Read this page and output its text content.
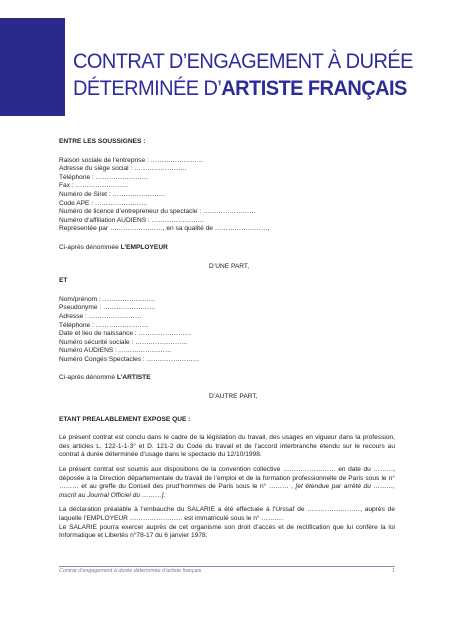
CONTRAT D’ENGAGEMENT À DURÉE
DÉTERMINÉE D’ARTISTE FRANÇAIS
ENTRE LES SOUSSIGNES :
Raison sociale de l’entreprise : ……………………
Adresse du siège social : ……………………
Téléphone : ……………………
Fax : ……………………
Numéro de Siret : ……………………
Code APE : ……………………
Numéro de licence d’entrepreneur du spectacle : ……………………
Numéro d’affiliation AUDIENS : ……………………
Représentée par ……………………, en sa qualité de ……………………,
Ci-après dénommée L’EMPLOYEUR
D’UNE PART,
ET
Nom/prénom : ……………………
Pseudonyme : ……………………
Adresse : ……………………
Téléphone : ……………………
Date et lieu de naissance : ……………………
Numéro sécurité sociale : ……………………
Numéro AUDIENS : ……………………
Numéro Congés Spectacles : ……………………
Ci-après dénommé L’ARTISTE
D’AUTRE PART,
ETANT PREALABLEMENT EXPOSE QUE :
Le présent contrat est conclu dans le cadre de la législation du travail, des usages en vigueur dans la profession, des articles L. 122-1-1-3° et D. 121-2 du Code du travail et de l’accord interbranche étendu sur le recours au contrat à durée déterminée d’usage dans le spectacle du 12/10/1998.
Le présent contrat est soumis aux dispositions de la convention collective …………………… en date du ………, déposée à la Direction départementale du travail de l’emploi et de la formation professionnelle de Paris sous le n° ……… et au greffe du Conseil des prud’hommes de Paris sous le n° ……… , [et étendue par arrêté du ………, inscrit au Journal Officiel du ………].
La déclaration préalable à l’embauche du SALARIE a été effectuée à l’Urssaf de ……………………, auprès de laquelle l’EMPLOYEUR …………………… est immatriculé sous le n° ……….
Le SALARIE pourra exercer auprès de cet organisme son droit d’accès et de rectification que lui confère la loi Informatique et Libertés n°78-17 du 6 janvier 1978.
Contrat d’engagement à durée déterminée d’artiste français	1
